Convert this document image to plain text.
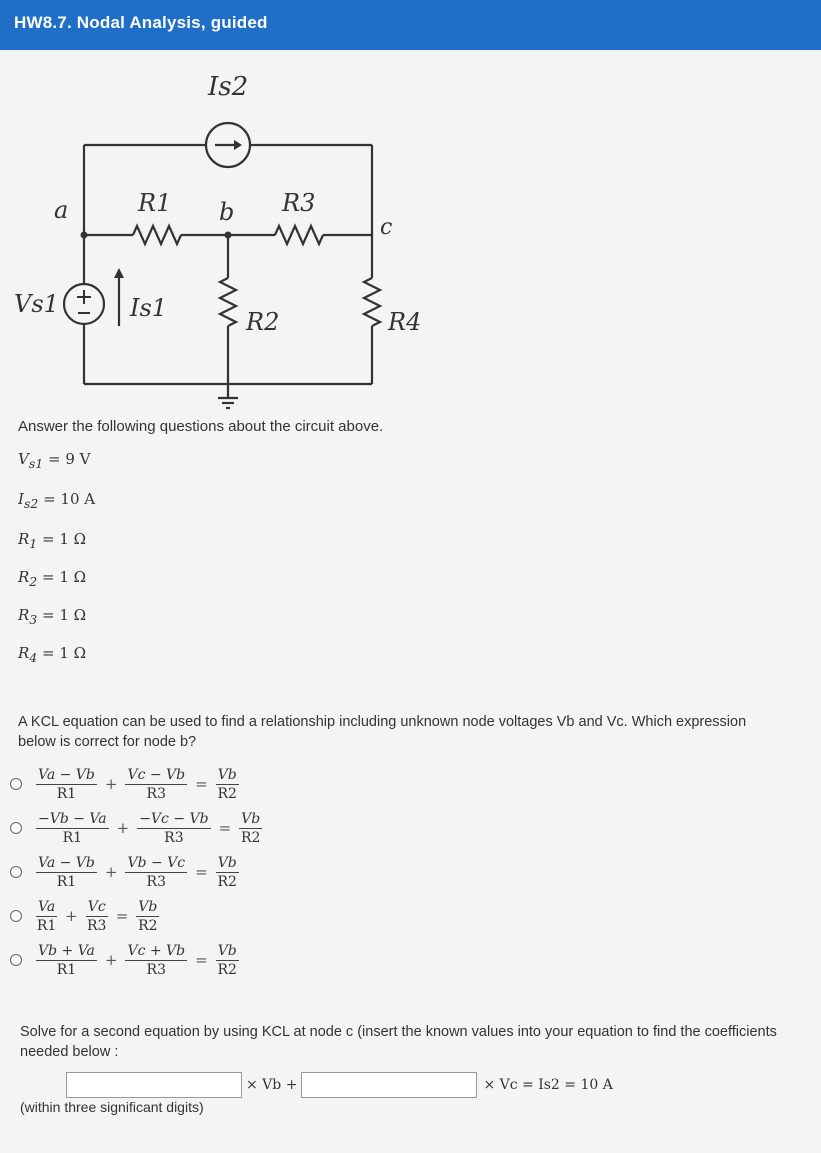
HW8.7. Nodal Analysis, guided
Is2
R1 b R3
a
c
Vs1	Is1	R2	R4
Answer the following questions about the circuit above.
$V_{s1} = 9$ V
$I_{s2} = 10$ A
$R_1 = 1$ Ω
$R_2 = 1$ Ω
$R_3 = 1$ Ω
$R_4 = 1$ Ω
A KCL equation can be used to find a relationship including unknown node voltages Vb and Vc. Which expression below is correct for node b?
$\frac{Va - Vb}{R1} + \frac{Vc - Vb}{R3} = \frac{Vb}{R2}$
$\frac{-Vb - Va}{R1} + \frac{-Vc - Vb}{R3} = \frac{Vb}{R2}$
$\frac{Va - Vb}{R1} + \frac{Vb - Vc}{R3} = \frac{Vb}{R2}$
$\frac{Va}{R1} + \frac{Vc}{R3} = \frac{Vb}{R2}$
$\frac{Vb + Va}{R1} + \frac{Vc + Vb}{R3} = \frac{Vb}{R2}$
Solve for a second equation by using KCL at node c (insert the known values into your equation to find the coefficients needed below :
× Vb +	× Vc = Is2 = 10 A
(within three significant digits)
